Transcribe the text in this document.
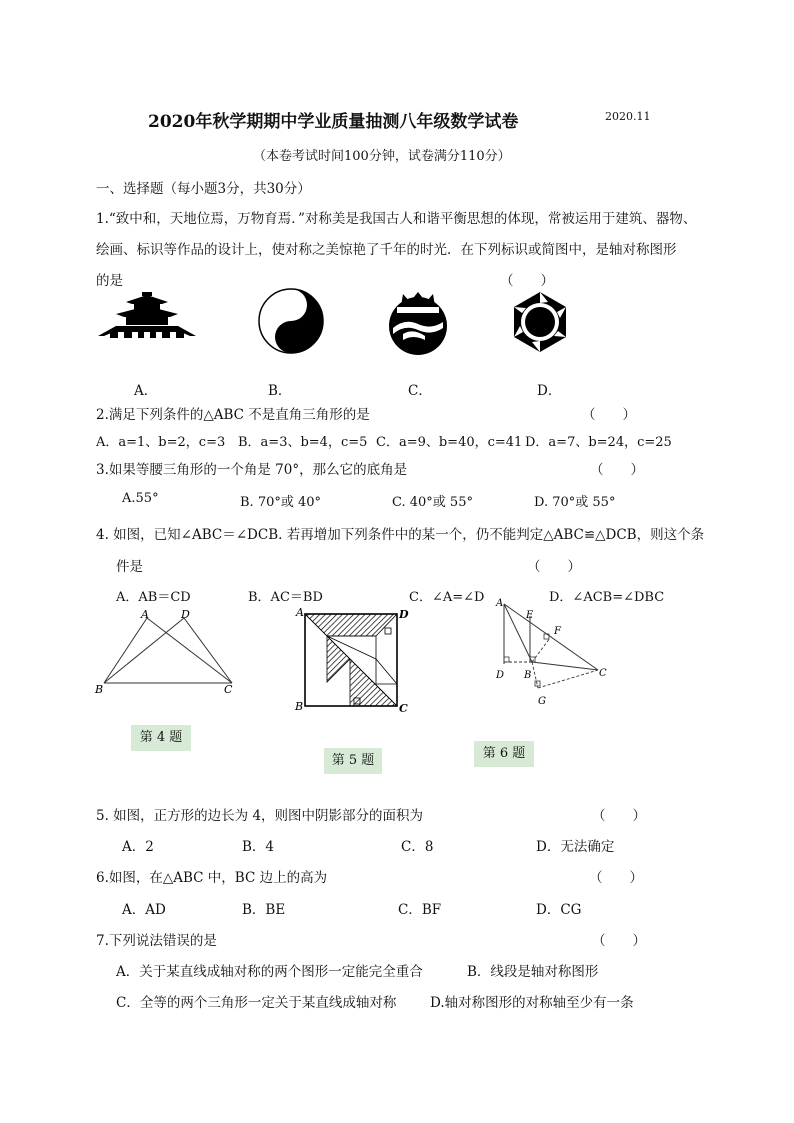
2020年秋学期期中学业质量抽测八年级数学试卷	2020.11
（本卷考试时间100分钟，试卷满分110分）
一、选择题（每小题3分，共30分）
1.“致中和，天地位焉，万物育焉．”对称美是我国古人和谐平衡思想的体现，常被运用于建筑、器物、
绘画、标识等作品的设计上，使对称之美惊艳了千年的时光．在下列标识或简图中，是轴对称图形
的是	（　　）
A．	B．	C．	D．
2.满足下列条件的△ABC 不是直角三角形的是	（　　）
A．a=1、b=2，c=3 B．a=3、b=4，c=5 C．a=9、b=40，c=41 D．a=7、b=24，c=25
3.如果等腰三角形的一个角是 70°，那么它的底角是	（　　）
A.55°	B. 70°或 40°	C. 40°或 55°	D. 70°或 55°
4. 如图，已知∠ABC＝∠DCB. 若再增加下列条件中的某一个，仍不能判定△ABC≌△DCB，则这个条
件是	（　　）
A．AB＝CD	B．AC＝BD	C．∠A=∠D	D．∠ACB=∠DBC
A	D
B	C
第 4 题
A	D
B	C
第 5 题
A
E
F
D B	C
G
第 6 题
5. 如图，正方形的边长为 4，则图中阴影部分的面积为	（　　）
A．2	B．4	C．8	D．无法确定
6.如图，在△ABC 中，BC 边上的高为	（　　）
A．AD	B．BE	C．BF	D．CG
7.下列说法错误的是	（　　）
A．关于某直线成轴对称的两个图形一定能完全重合	B．线段是轴对称图形
C．全等的两个三角形一定关于某直线成轴对称 D.轴对称图形的对称轴至少有一条
